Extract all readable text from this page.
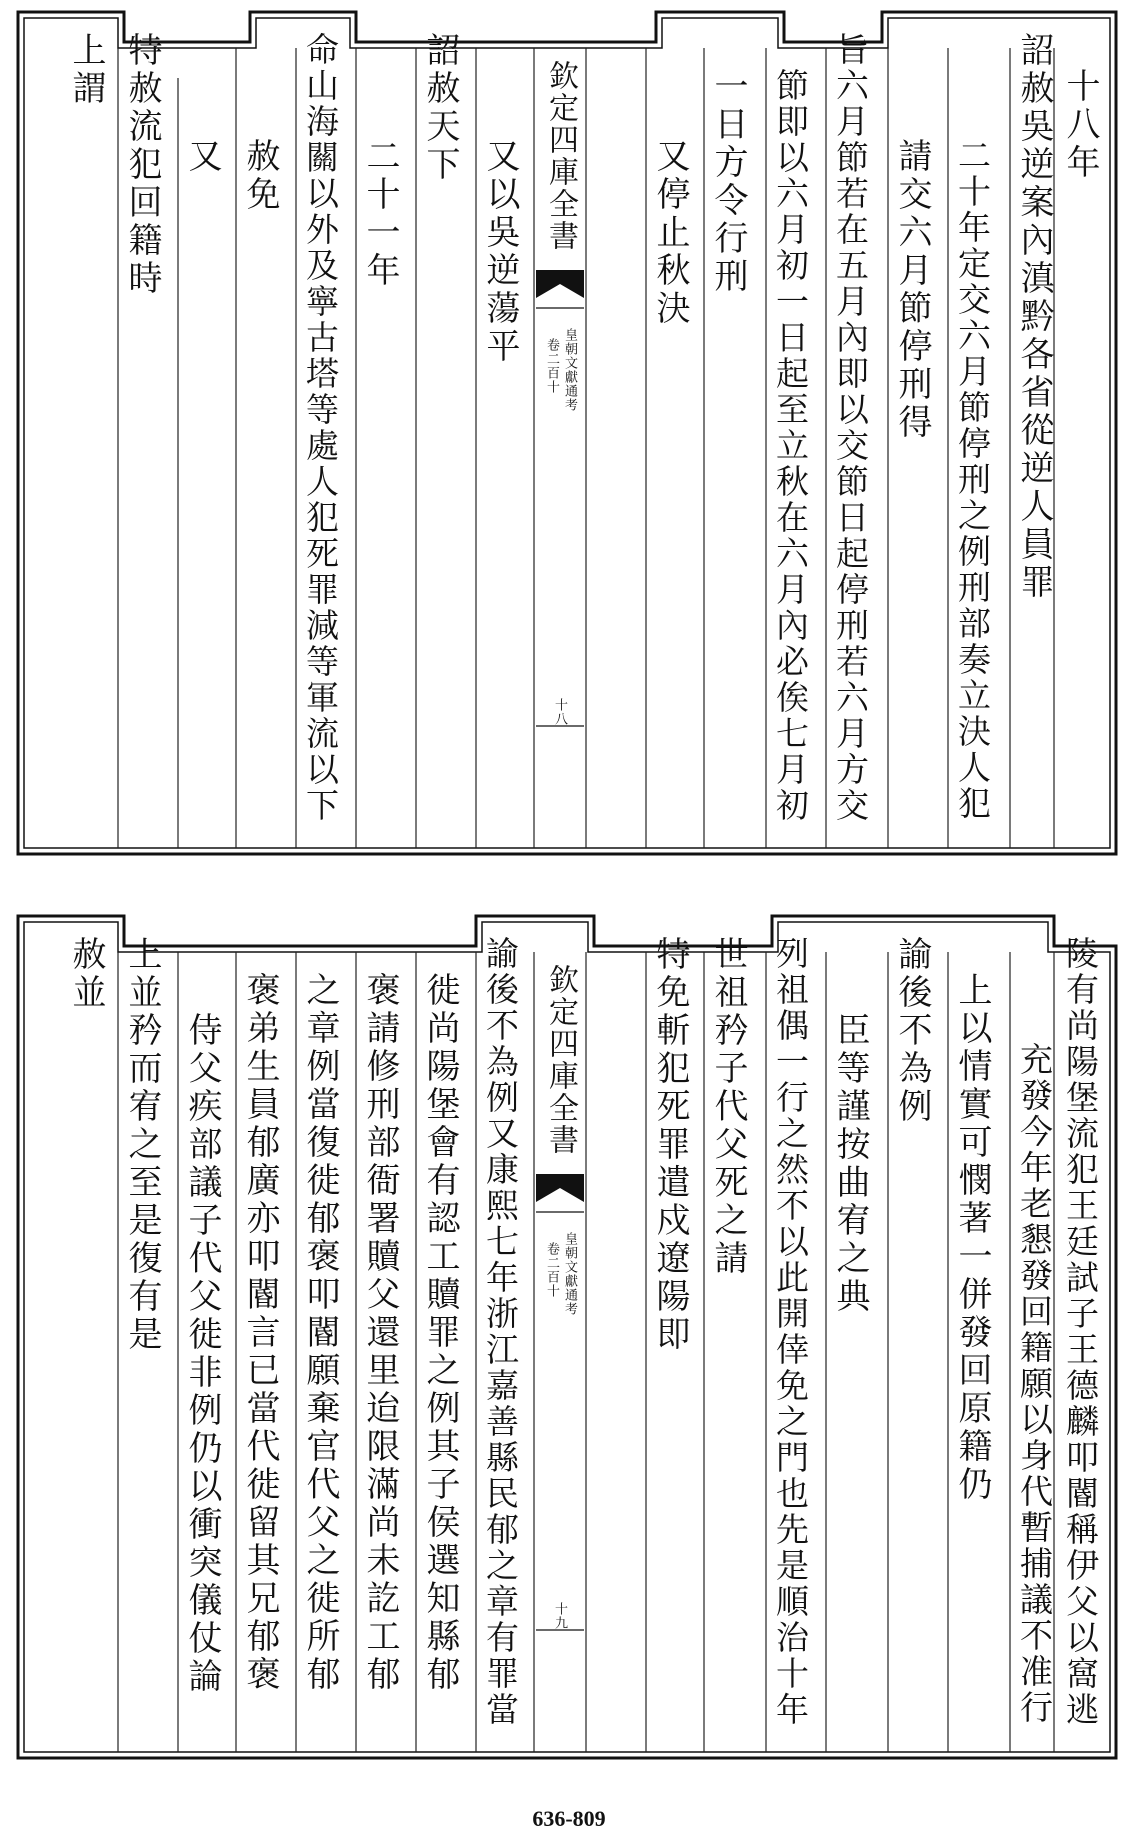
十八年
詔赦吳逆案內滇黔各省從逆人員罪
二十年定交六月節停刑之例刑部奏立決人犯
請交六月節停刑得
旨六月節若在五月內即以交節日起停刑若六月方交
節即以六月初一日起至立秋在六月內必俟七月初
一日方令行刑
又停止秋決
欽定四庫全書
皇朝文獻通考
卷二百十
十八
又以吳逆蕩平
詔赦天下
二十一年
命山海關以外及寧古塔等處人犯死罪減等軍流以下
赦免
又
特赦流犯回籍時
上謂
陵有尚陽堡流犯王廷試子王德麟叩閽稱伊父以窩逃
充發今年老懇發回籍願以身代暫捕議不准行
上以情實可憫著一併發回原籍仍
諭後不為例
臣等謹按曲宥之典
列祖偶一行之然不以此開倖免之門也先是順治十年
世祖矜子代父死之請
特免斬犯死罪遣戍遼陽即
欽定四庫全書
皇朝文獻通考
卷二百十
十九
諭後不為例又康熙七年浙江嘉善縣民郁之章有罪當
徙尚陽堡會有認工贖罪之例其子侯選知縣郁
褒請修刑部衙署贖父還里迨限滿尚未訖工郁
之章例當復徙郁褒叩閽願棄官代父之徙所郁
褒弟生員郁廣亦叩閽言已當代徙留其兄郁褒
侍父疾部議子代父徙非例仍以衝突儀仗論
上並矜而宥之至是復有是
赦並
636-809
